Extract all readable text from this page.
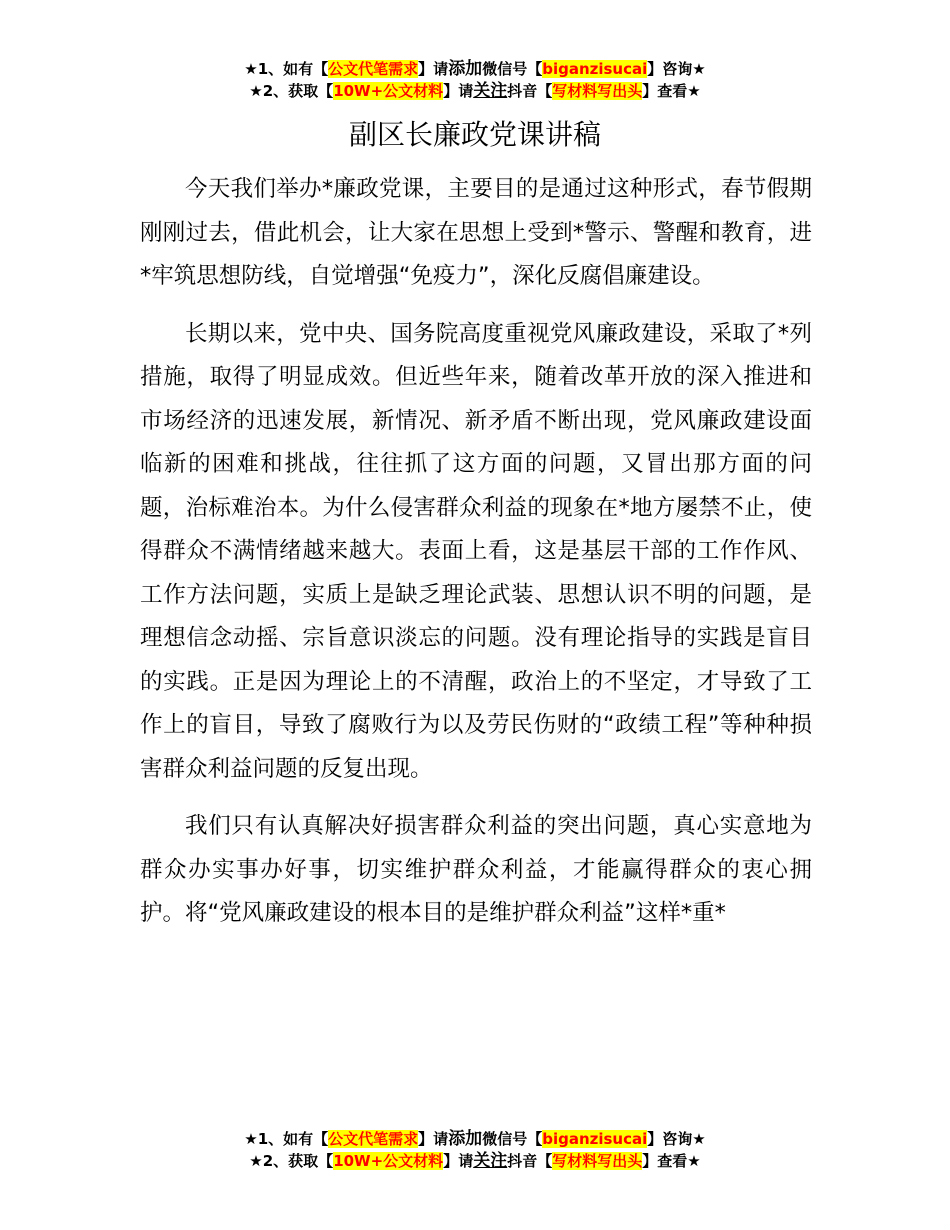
★1、如有【公文代笔需求】请添加微信号【biganzisucai】咨询★
★2、获取【10W+公文材料】请关注抖音【写材料写出头】查看★
副区长廉政党课讲稿

今天我们举办*廉政党课，主要目的是通过这种形式，春节假期刚刚过去，借此机会，让大家在思想上受到*警示、警醒和教育，进*牢筑思想防线，自觉增强“免疫力”，深化反腐倡廉建设。

长期以来，党中央、国务院高度重视党风廉政建设，采取了*列措施，取得了明显成效。但近些年来，随着改革开放的深入推进和市场经济的迅速发展，新情况、新矛盾不断出现，党风廉政建设面临新的困难和挑战，往往抓了这方面的问题，又冒出那方面的问题，治标难治本。为什么侵害群众利益的现象在*地方屡禁不止，使得群众不满情绪越来越大。表面上看，这是基层干部的工作作风、工作方法问题，实质上是缺乏理论武装、思想认识不明的问题，是理想信念动摇、宗旨意识淡忘的问题。没有理论指导的实践是盲目的实践。正是因为理论上的不清醒，政治上的不坚定，才导致了工作上的盲目，导致了腐败行为以及劳民伤财的“政绩工程”等种种损害群众利益问题的反复出现。

我们只有认真解决好损害群众利益的突出问题，真心实意地为群众办实事办好事，切实维护群众利益，才能赢得群众的衷心拥护。将“党风廉政建设的根本目的是维护群众利益”这样*重*

★1、如有【公文代笔需求】请添加微信号【biganzisucai】咨询★
★2、获取【10W+公文材料】请关注抖音【写材料写出头】查看★
